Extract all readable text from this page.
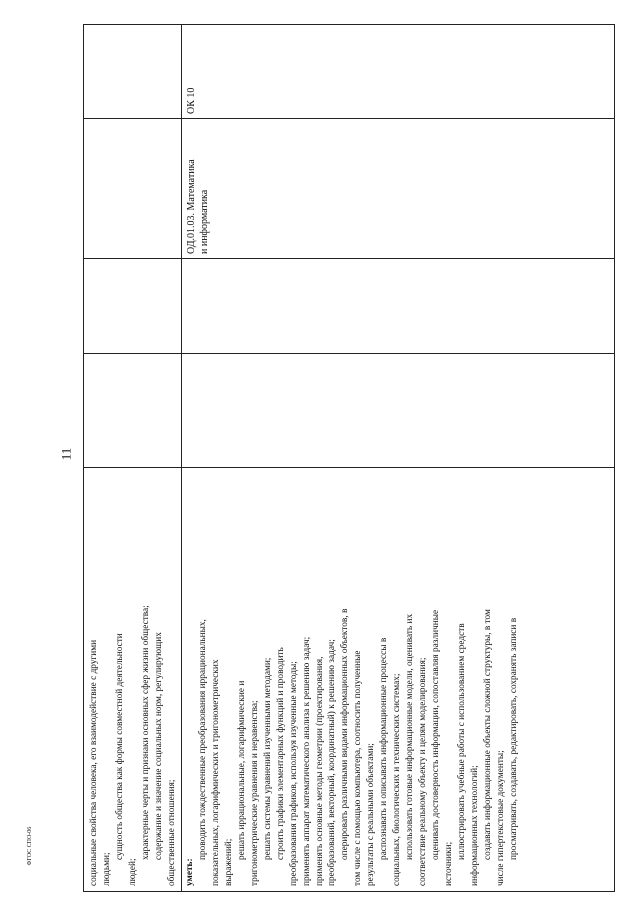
11
социальные свойства человека, его взаимодействие с другими людьми;
сущность общества как формы совместной деятельности
людей;
характерные черты и признаки основных сфер жизни общества; содержание и значение социальных норм, регулирующих общественные отношения; уметь:
проводить тождественные преобразования иррациональных, показательных, логарифмических и тригонометрических выражений;
решать иррациональные, логарифмические и тригонометрические уравнения и неравенства; решать системы уравнений изученными методами; строить графики элементарных функций и проводить преобразования графиков, используя изученные методы; применять аппарат математического анализа к решению задач; применять основные методы геометрии (проектирования, преобразований, векторный, координатный) к решению задач; оперировать различными видами информационных объектов, в том числе с помощью компьютера, соотносить полученные результаты с реальными объектами; распознавать и описывать информационные процессы в социальных, биологических и технических системах; использовать готовые информационные модели, оценивать их соответствие реальному объекту и целям моделирования; оценивать достоверность информации, сопоставляя различные
источники;
иллюстрировать учебные работы с использованием средств информационных технологий; создавать информационные объекты сложной структуры, в том числе гипертекстовые документы; просматривать, создавать, редактировать, сохранять записи в
ОД.01.03. Математика и информатика
ОК 10
ФГОС СПО-06
